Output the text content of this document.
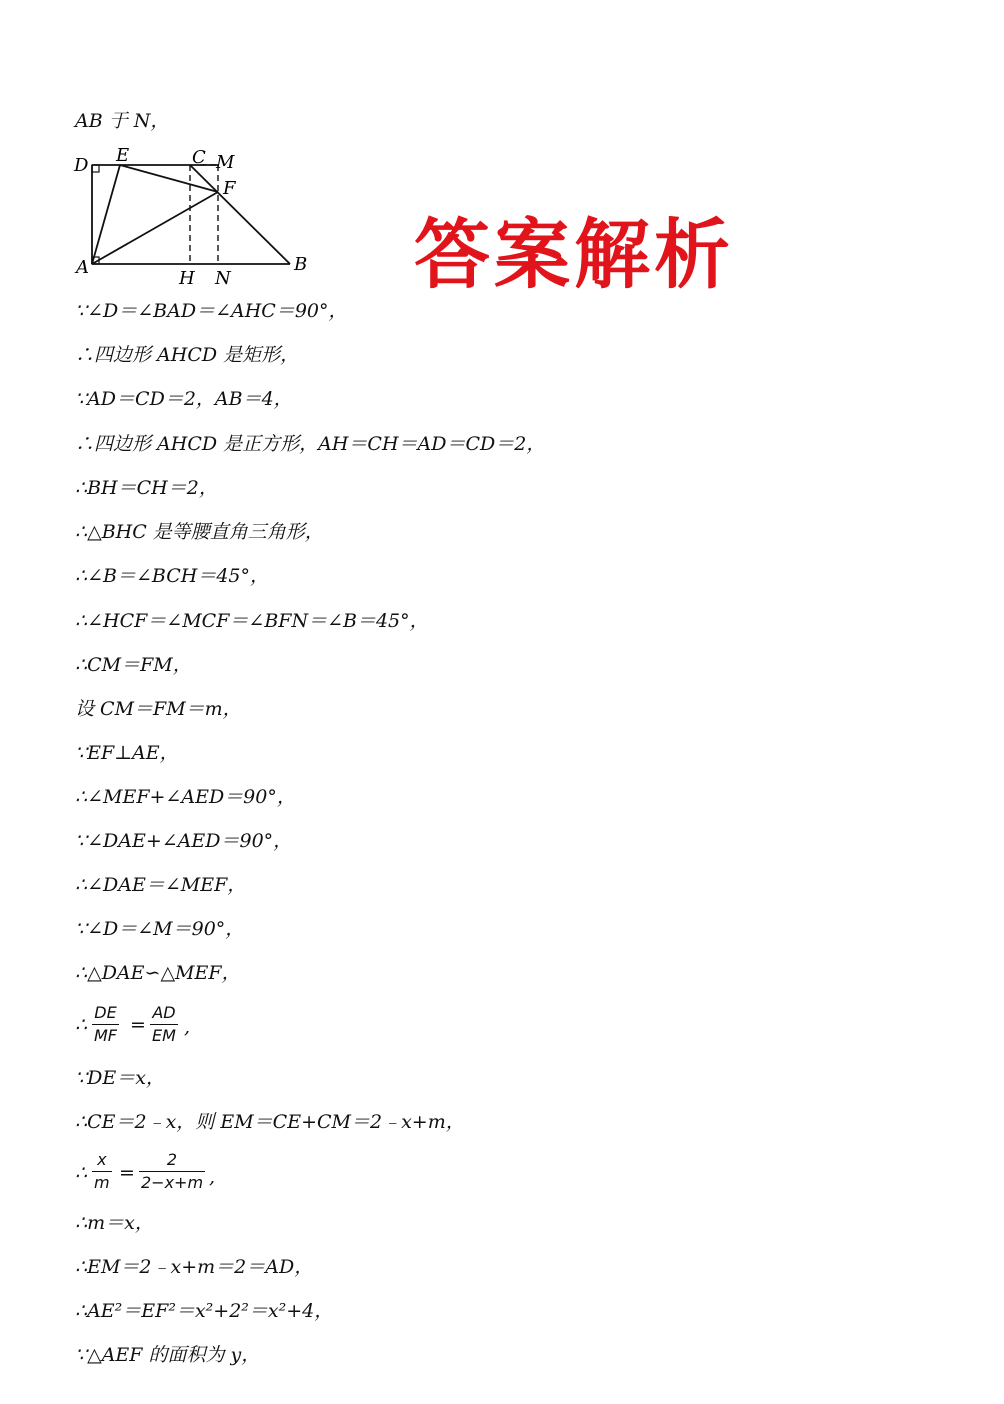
AB 于 N，
D E	C M
F
A
H N
B 答案解析
∵∠D＝∠BAD＝∠AHC＝90°，
∴四边形 AHCD 是矩形，
∵AD＝CD＝2，AB＝4，
∴四边形 AHCD 是正方形，AH＝CH＝AD＝CD＝2，
∴BH＝CH＝2，
∴△BHC 是等腰直角三角形，
∴∠B＝∠BCH＝45°，
∴∠HCF＝∠MCF＝∠BFN＝∠B＝45°，
∴CM＝FM，
设 CM＝FM＝m，
∵EF⊥AE，
∴∠MEF+∠AED＝90°，
∵∠DAE+∠AED＝90°，
∴∠DAE＝∠MEF，
∵∠D＝∠M＝90°，
∴△DAE∽△MEF，
∴
DE
MF =
AD
EM ,
∵DE＝x，
∴CE＝2﹣x，则 EM＝CE+CM＝2﹣x+m，
∴
x
m =
2
2−x+m ,
∴m＝x，
∴EM＝2﹣x+m＝2＝AD，
∴AE²＝EF²＝x²+2²＝x²+4，
∵△AEF 的面积为 y，
